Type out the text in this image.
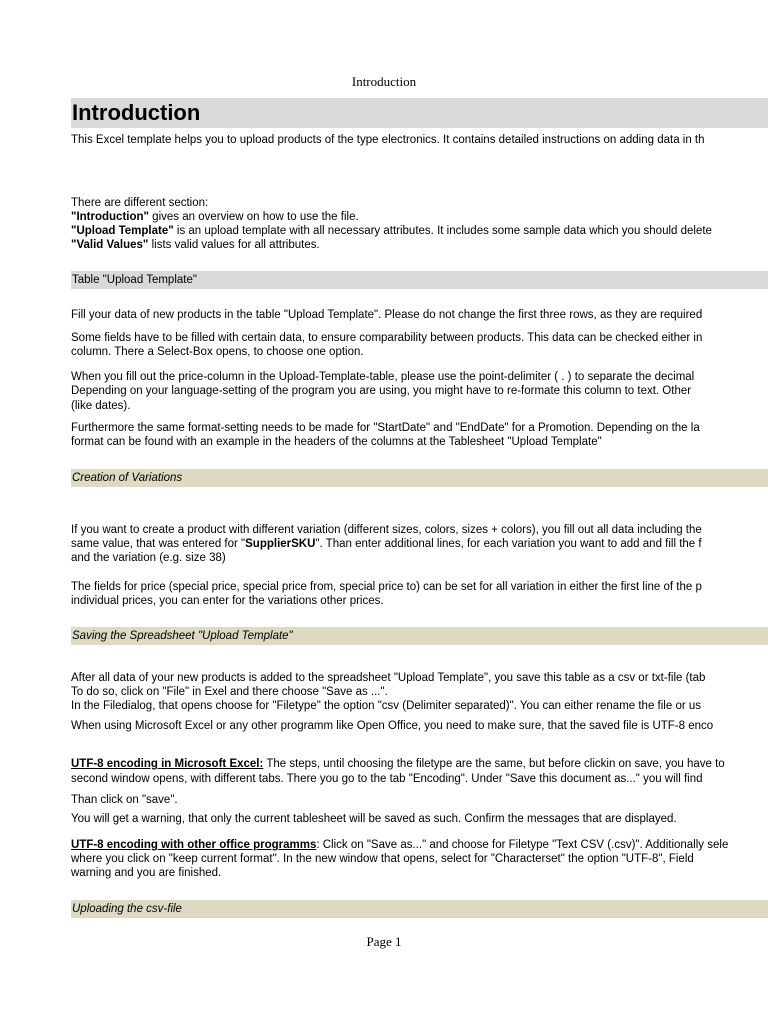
Introduction
Introduction
This Excel template helps you to upload products of the type electronics. It contains detailed instructions on adding data in th
There are different section:
"Introduction" gives an overview on how to use the file.
"Upload Template" is an upload template with all necessary attributes. It includes some sample data which you should delete
"Valid Values" lists valid values for all attributes.
Table "Upload Template"
Fill your data of new products in the table "Upload Template". Please do not change the first three rows, as they are required
Some fields have to be filled with certain data, to ensure comparability between products. This data can be checked either in
column. There a Select-Box opens, to choose one option.
When you fill out the price-column in the Upload-Template-table, please use the point-delimiter ( . ) to separate the decimal
Depending on your language-setting of the program you are using, you might have to re-formate this column to text. Other
(like dates).
Furthermore the same format-setting needs to be made for "StartDate" and "EndDate" for a Promotion. Depending on the la
format can be found with an example in the headers of the columns at the Tablesheet "Upload Template"
Creation of Variations
If you want to create a product with different variation (different sizes, colors, sizes + colors), you fill out all data including the
same value, that was entered for "SupplierSKU". Than enter additional lines, for each variation you want to add and fill the f
and the variation (e.g. size 38)
The fields for price (special price, special price from, special price to) can be set for all variation in either the first line of the p
individual prices, you can enter for the variations other prices.
Saving the Spreadsheet "Upload Template"
After all data of your new products is added to the spreadsheet "Upload Template", you save this table as a csv or txt-file (tab
To do so, click on "File" in Exel and there choose "Save as ...".
In the Filedialog, that opens choose for "Filetype" the option "csv (Delimiter separated)". You can either rename the file or us
When using Microsoft Excel or any other programm like Open Office, you need to make sure, that the saved file is UTF-8 enco
UTF-8 encoding in Microsoft Excel: The steps, until choosing the filetype are the same, but before clickin on save, you have to
second window opens, with different tabs. There you go to the tab "Encoding". Under "Save this document as..." you will find
Than click on "save".
You will get a warning, that only the current tablesheet will be saved as such. Confirm the messages that are displayed.
UTF-8 encoding with other office programms: Click on "Save as..." and choose for Filetype "Text CSV (.csv)". Additionally sele
where you click on "keep current format". In the new window that opens, select for "Characterset" the option "UTF-8", Field
warning and you are finished.
Uploading the csv-file
Page 1
